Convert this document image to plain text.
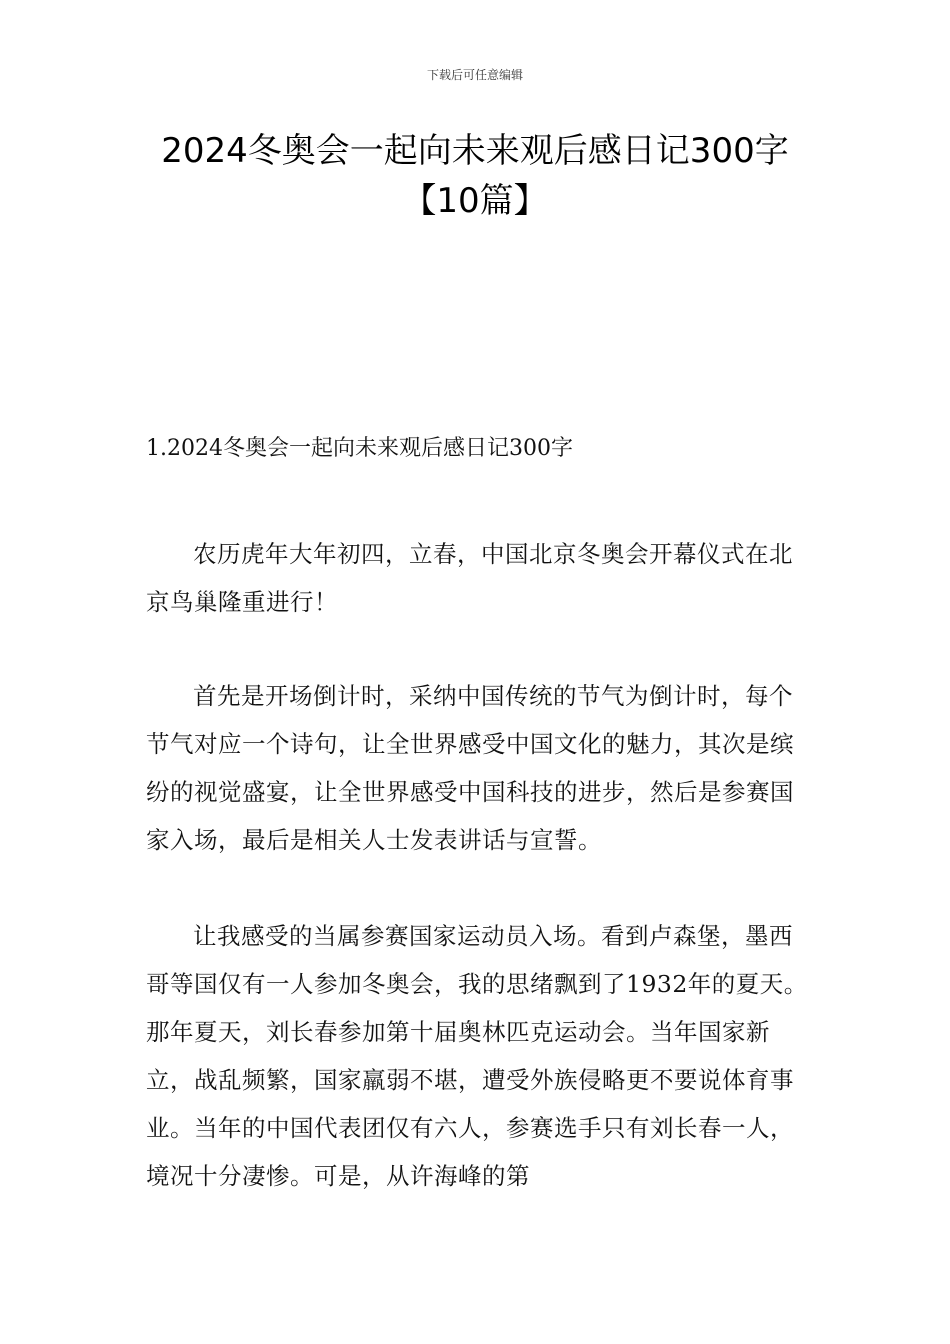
下载后可任意编辑
2024冬奥会一起向未来观后感日记300字
【10篇】

1.2024冬奥会一起向未来观后感日记300字

农历虎年大年初四，立春，中国北京冬奥会开幕仪式在北京鸟巢隆重进行！

首先是开场倒计时，采纳中国传统的节气为倒计时，每个节气对应一个诗句，让全世界感受中国文化的魅力，其次是缤纷的视觉盛宴，让全世界感受中国科技的进步，然后是参赛国家入场，最后是相关人士发表讲话与宣誓。

让我感受的当属参赛国家运动员入场。看到卢森堡，墨西哥等国仅有一人参加冬奥会，我的思绪飘到了1932年的夏天。那年夏天，刘长春参加第十届奥林匹克运动会。当年国家新立，战乱频繁，国家羸弱不堪，遭受外族侵略更不要说体育事业。当年的中国代表团仅有六人，参赛选手只有刘长春一人，境况十分凄惨。可是，从许海峰的第
